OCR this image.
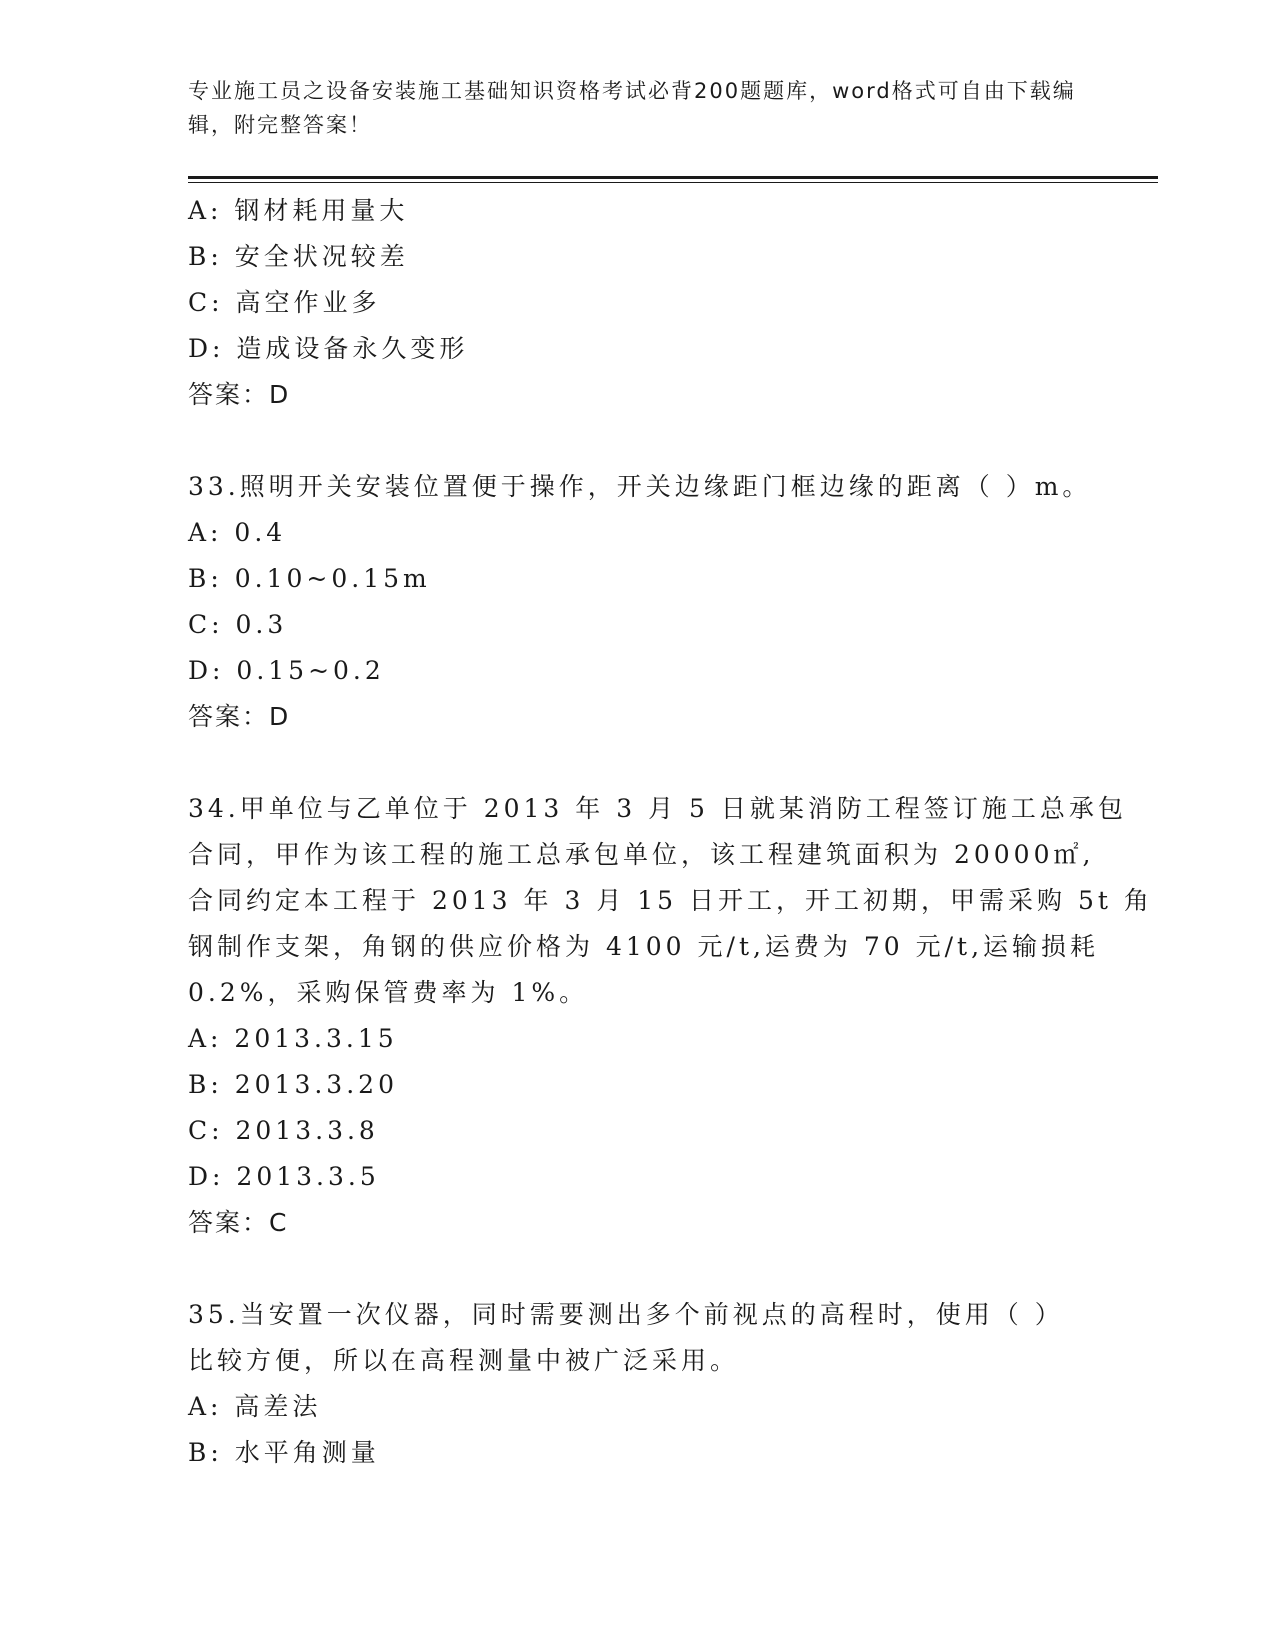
专业施工员之设备安装施工基础知识资格考试必背200题题库，word格式可自由下载编辑，附完整答案！
A: 钢材耗用量大
B: 安全状况较差
C: 高空作业多
D: 造成设备永久变形
答案：D
33.照明开关安装位置便于操作，开关边缘距门框边缘的距离（ ）m。
A: 0.4
B: 0.10~0.15m
C: 0.3
D: 0.15~0.2
答案：D
34.甲单位与乙单位于 2013 年 3 月 5 日就某消防工程签订施工总承包
合同，甲作为该工程的施工总承包单位，该工程建筑面积为 20000㎡,
合同约定本工程于 2013 年 3 月 15 日开工，开工初期，甲需采购 5t 角
钢制作支架，角钢的供应价格为 4100 元/t,运费为 70 元/t,运输损耗
0.2%，采购保管费率为 1%。
A: 2013.3.15
B: 2013.3.20
C: 2013.3.8
D: 2013.3.5
答案：C
35.当安置一次仪器，同时需要测出多个前视点的高程时，使用（ ）
比较方便，所以在高程测量中被广泛采用。
A: 高差法
B: 水平角测量
